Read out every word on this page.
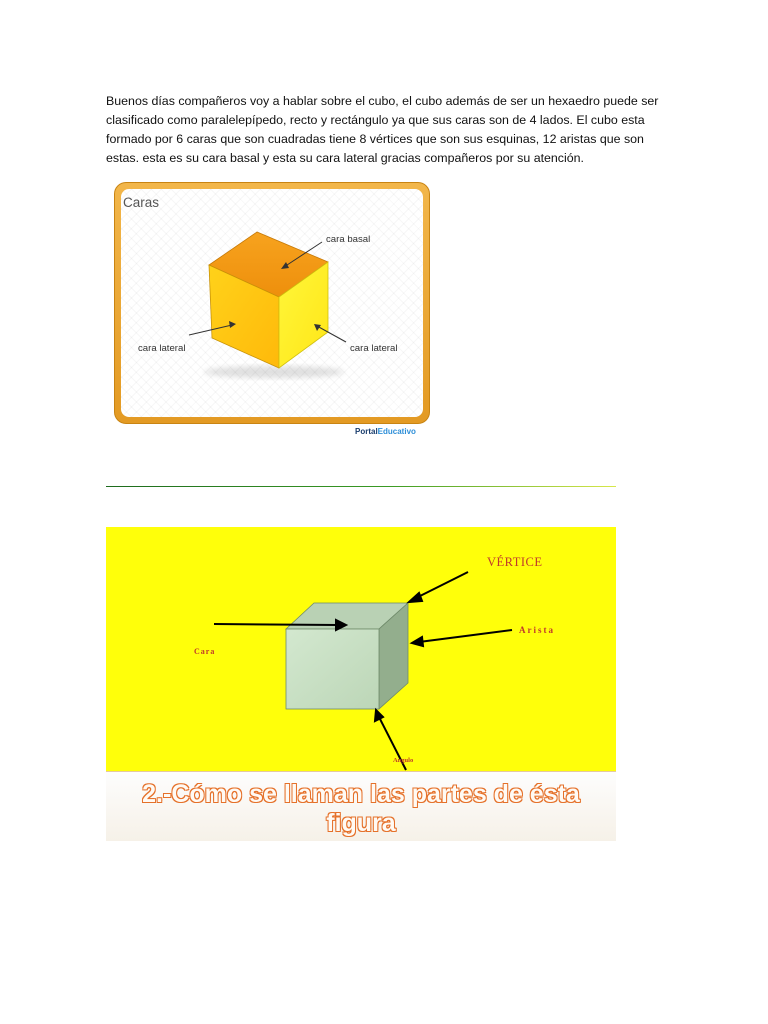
Buenos días compañeros voy a hablar sobre el cubo, el cubo además de ser un hexaedro puede ser clasificado como paralelepípedo, recto y rectángulo ya que sus caras son de 4 lados. El cubo esta formado por 6 caras que son cuadradas tiene 8 vértices que son sus esquinas, 12 aristas que son estas. esta es su cara basal y esta su cara lateral gracias compañeros por su atención.
Caras
cara basal
cara lateral	cara lateral
PortalEducativo
VÉRTICE
Arista
Cara
Angulo
2.-Cómo se llaman las partes de ésta figura
